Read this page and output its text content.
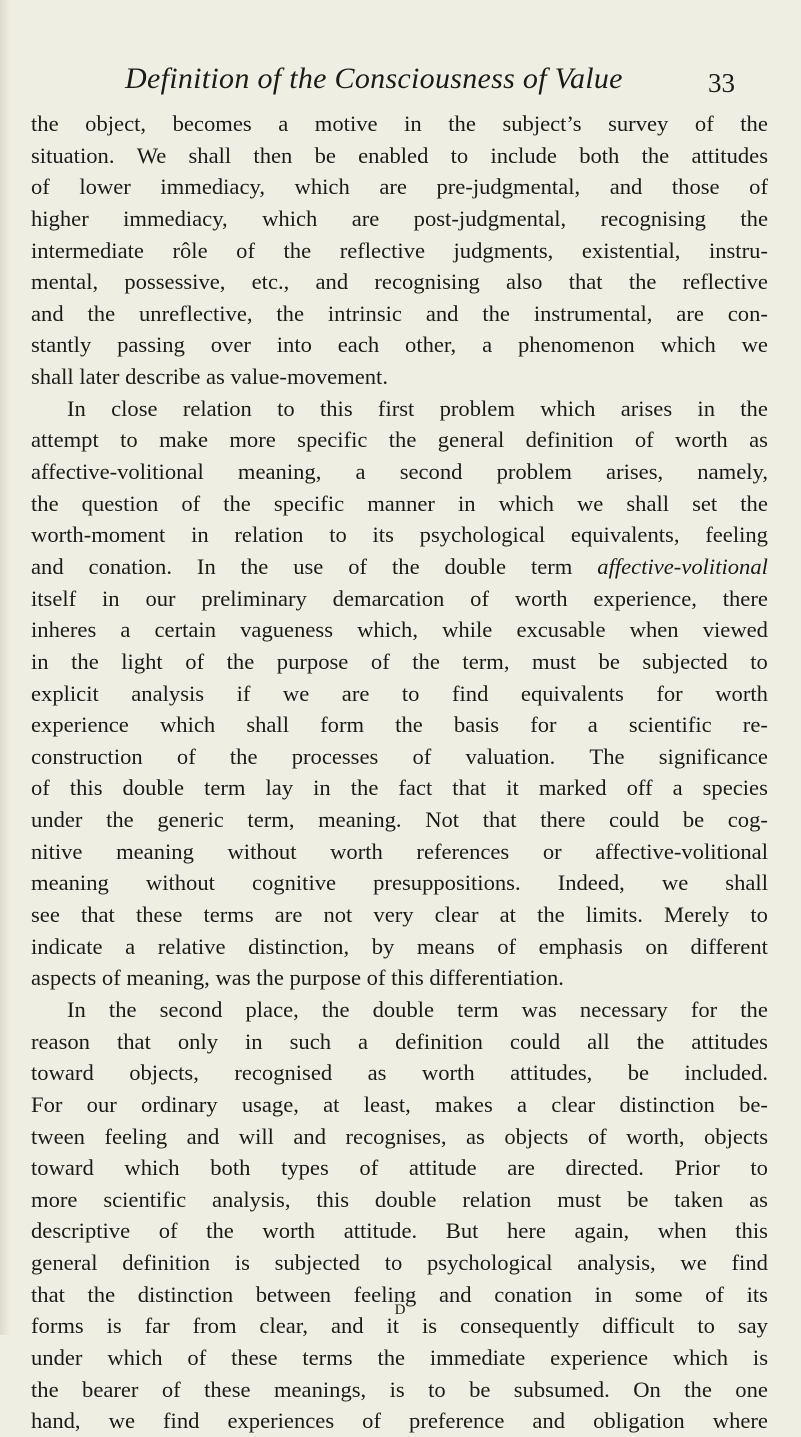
Definition of the Consciousness of Value	33
the object, becomes a motive in the subject’s survey of the
situation. We shall then be enabled to include both the attitudes
of lower immediacy, which are pre-judgmental, and those of
higher immediacy, which are post-judgmental, recognising the
intermediate rôle of the reflective judgments, existential, instru-
mental, possessive, etc., and recognising also that the reflective
and the unreflective, the intrinsic and the instrumental, are con-
stantly passing over into each other, a phenomenon which we
shall later describe as value-movement.
In close relation to this first problem which arises in the
attempt to make more specific the general definition of worth as
affective-volitional meaning, a second problem arises, namely,
the question of the specific manner in which we shall set the
worth-moment in relation to its psychological equivalents, feeling
and conation. In the use of the double term affective-volitional
itself in our preliminary demarcation of worth experience, there
inheres a certain vagueness which, while excusable when viewed
in the light of the purpose of the term, must be subjected to
explicit analysis if we are to find equivalents for worth
experience which shall form the basis for a scientific re-
construction of the processes of valuation. The significance
of this double term lay in the fact that it marked off a species
under the generic term, meaning. Not that there could be cog-
nitive meaning without worth references or affective-volitional
meaning without cognitive presuppositions. Indeed, we shall
see that these terms are not very clear at the limits. Merely to
indicate a relative distinction, by means of emphasis on different
aspects of meaning, was the purpose of this differentiation.
In the second place, the double term was necessary for the
reason that only in such a definition could all the attitudes
toward objects, recognised as worth attitudes, be included.
For our ordinary usage, at least, makes a clear distinction be-
tween feeling and will and recognises, as objects of worth, objects
toward which both types of attitude are directed. Prior to
more scientific analysis, this double relation must be taken as
descriptive of the worth attitude. But here again, when this
general definition is subjected to psychological analysis, we find
that the distinction between feeling and conation in some of its
forms is far from clear, and it is consequently difficult to say
under which of these terms the immediate experience which is
the bearer of these meanings, is to be subsumed. On the one
hand, we find experiences of preference and obligation where
D
